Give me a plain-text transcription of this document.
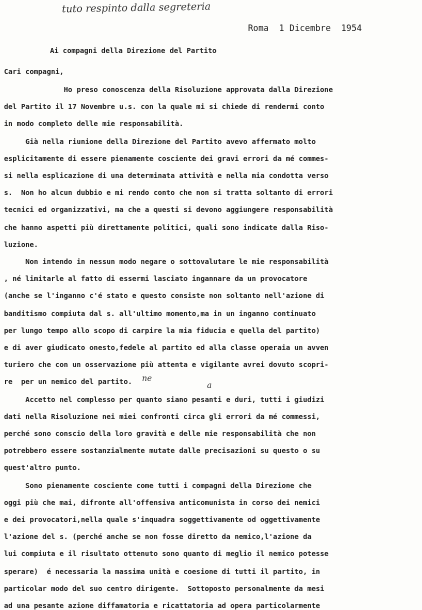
tuto respinto dalla segreteria
Roma  1 Dicembre  1954
Ai compagni della Direzione del Partito
Cari compagni,
Ho preso conoscenza della Risoluzione approvata dalla Direzione
del Partito il 17 Novembre u.s. con la quale mi si chiede di rendermi conto
in modo completo delle mie responsabilità.
Già nella riunione della Direzione del Partito avevo affermato molto
esplicitamente di essere pienamente cosciente dei gravi errori da mé commes-
si nella esplicazione di una determinata attività e nella mia condotta verso
s.  Non ho alcun dubbio e mi rendo conto che non si tratta soltanto di errori
tecnici ed organizzativi, ma che a questi si devono aggiungere responsabilità
che hanno aspetti più direttamente politici, quali sono indicate dalla Riso-
luzione.
Non intendo in nessun modo negare o sottovalutare le mie responsabilità
, né limitarle al fatto di essermi lasciato ingannare da un provocatore
(anche se l'inganno c'é stato e questo consiste non soltanto nell'azione di
banditismo compiuta dal s. all'ultimo momento,ma in un inganno continuato
per lungo tempo allo scopo di carpire la mia fiducia e quella del partito)
e di aver giudicato onesto,fedele al partito ed alla classe operaia un avven
turiero che con un osservazione più attenta e vigilante avrei dovuto scopri-
re  per un nemico del partito.
Accetto nel complesso per quanto siano pesanti e duri, tutti i giudizi
dati nella Risoluzione nei miei confronti circa gli errori da mé commessi,
perché sono conscio della loro gravità e delle mie responsabilità che non
potrebbero essere sostanzialmente mutate dalle precisazioni su questo o su
quest'altro punto.
Sono pienamente cosciente come tutti i compagni della Direzione che
oggi più che mai, difronte all'offensiva anticomunista in corso dei nemici
e dei provocatori,nella quale s'inquadra soggettivamente od oggettivamente
l'azione del s. (perché anche se non fosse diretto da nemico,l'azione da
lui compiuta e il risultato ottenuto sono quanto di meglio il nemico potesse
sperare)  é necessaria la massima unità e coesione di tutti il partito, in
particolar modo del suo centro dirigente.  Sottoposto personalmente da mesi
ad una pesante azione diffamatoria e ricattatoria ad opera particolarmente
ne
a
